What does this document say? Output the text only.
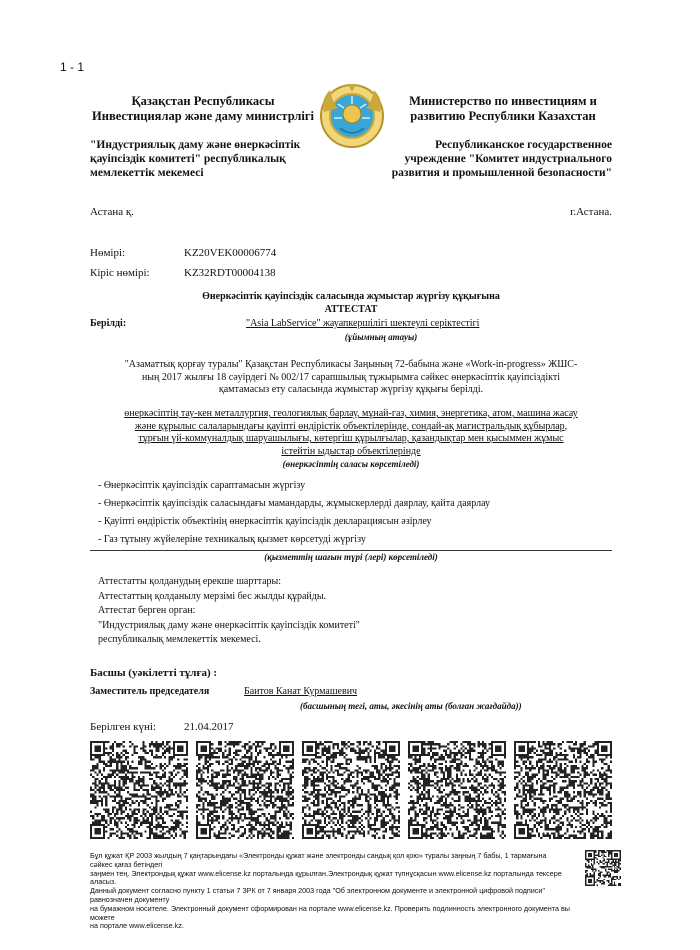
1 - 1
Қазақстан Республикасы
Инвестициялар және даму министрлігі
Министерство по инвестициям и
развитию Республики Казахстан
"Индустриялық даму және өнеркәсіптік
қауіпсіздік комитеті" республикалық
мемлекеттік мекемесі
Республиканское государственное
учреждение "Комитет индустриального
развития и промышленной безопасности"
Астана қ.	г.Астана.
Нөмірі:	KZ20VEK00006774
Кіріс нөмірі:	KZ32RDT00004138
Өнеркәсіптік қауіпсіздік саласында жұмыстар жүргізу құқығына
АТТЕСТАТ
Берілді:	"Asia LabService" жауапкершілігі шектеулі серіктестігі
(ұйымның атауы)
"Азаматтық қорғау туралы" Қазақстан Республикасы Заңының 72-бабына және «Work-in-progress» ЖШС-
ның 2017 жылғы 18 сәуірдегі № 002/17 сарапшылық тұжырымға сәйкес өнеркәсіптік қауіпсіздікті
қамтамасыз ету саласында жұмыстар жүргізу құқығы берілді.
өнеркәсіптің тау-кен металлургия, геологиялық барлау, мұнай-газ, химия, энергетика, атом, машина жасау
және құрылыс салаларындағы қауіпті өндірістік объектілерінде, сондай-ақ магистральдық құбырлар,
тұрғын үй-коммуналдық шаруашылығы, көтергіш құрылғылар, қазандықтар мен қысыммен жұмыс
істейтін ыдыстар объектілерінде
(өнеркәсіптің саласы көрсетіледі)
- Өнеркәсіптік қауіпсіздік сараптамасын жүргізу
- Өнеркәсіптік қауіпсіздік саласындағы мамандарды, жұмыскерлерді даярлау, қайта даярлау
- Қауіпті өндірістік объектінің өнеркәсіптік қауіпсіздік декларациясын әзірлеу
- Газ тұтыну жүйелеріне техникалық қызмет көрсетуді жүргізу
(қызметтің шағын түрі (лері) көрсетіледі)
Аттестатты қолданудың ерекше шарттары:
Аттестаттың қолданылу мерзімі бес жылды құрайды.
Аттестат берген орган:
"Индустриялық даму және өнеркәсіптік қауіпсіздік комитеті"
республикалық мемлекеттік мекемесі.
Басшы (уәкілетті тұлға) :
Заместитель председателя	Баитов Канат Курмашевич
(басшының тегі, аты, әкесінің аты (болған жағдайда))
Берілген күні:	21.04.2017
Бұл құжат ҚР 2003 жылдың 7 қаңтарындағы «Электронды құжат және электронды сандық қол қою» туралы заңның 7 бабы, 1 тармағына сәйкес қағаз бетіндегі
заңмен тең. Электрондық құжат www.elicense.kz порталында құрылған.Электрондық құжат түпнұсқасын www.elicense.kz порталында тексере аласыз.
Данный документ согласно пункту 1 статьи 7 ЗРК от 7 января 2003 года "Об электронном документе и электронной цифровой подписи" равнозначен документу
на бумажном носителе. Электронный документ сформирован на портале www.elicense.kz. Проверить подлинность электронного документа вы можете
на портале www.elicense.kz.
